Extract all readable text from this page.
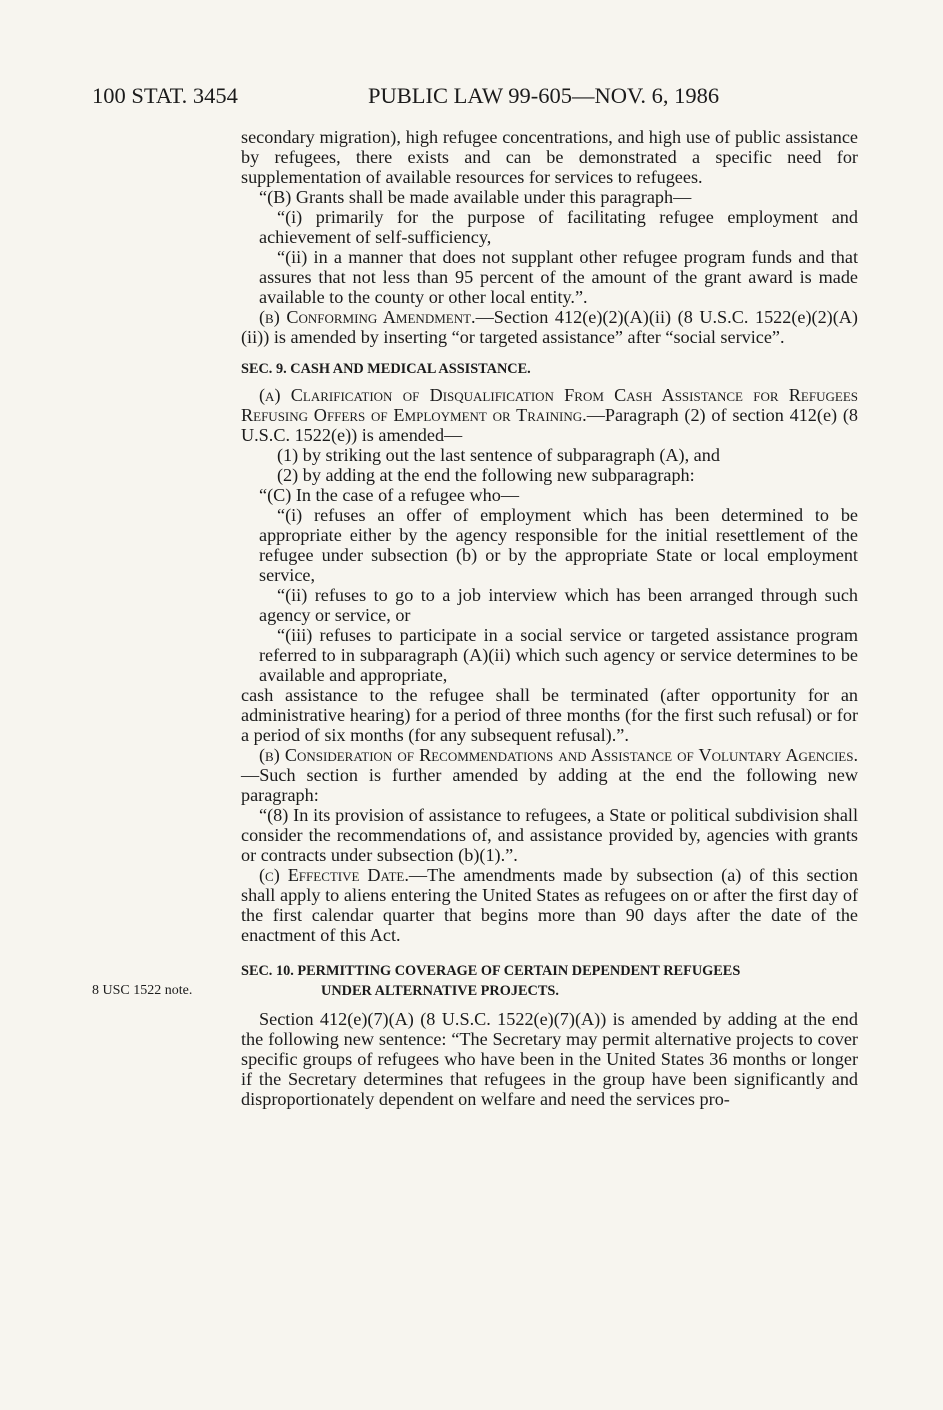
100 STAT. 3454	PUBLIC LAW 99-605—NOV. 6, 1986
8 USC 1522 note.

secondary migration), high refugee concentrations, and high use of public assistance by refugees, there exists and can be demonstrated a specific need for supplementation of available resources for services to refugees.

“(B) Grants shall be made available under this paragraph—

“(i) primarily for the purpose of facilitating refugee employment and achievement of self-sufficiency,

“(ii) in a manner that does not supplant other refugee program funds and that assures that not less than 95 percent of the amount of the grant award is made available to the county or other local entity.”.

(b) Conforming Amendment.—Section 412(e)(2)(A)(ii) (8 U.S.C. 1522(e)(2)(A)(ii)) is amended by inserting “or targeted assistance” after “social service”.

SEC. 9. CASH AND MEDICAL ASSISTANCE.

(a) Clarification of Disqualification From Cash Assistance for Refugees Refusing Offers of Employment or Training.—Paragraph (2) of section 412(e) (8 U.S.C. 1522(e)) is amended—

(1) by striking out the last sentence of subparagraph (A), and

(2) by adding at the end the following new subparagraph:

“(C) In the case of a refugee who—

“(i) refuses an offer of employment which has been determined to be appropriate either by the agency responsible for the initial resettlement of the refugee under subsection (b) or by the appropriate State or local employment service,

“(ii) refuses to go to a job interview which has been arranged through such agency or service, or

“(iii) refuses to participate in a social service or targeted assistance program referred to in subparagraph (A)(ii) which such agency or service determines to be available and appropriate,

cash assistance to the refugee shall be terminated (after opportunity for an administrative hearing) for a period of three months (for the first such refusal) or for a period of six months (for any subsequent refusal).”.

(b) Consideration of Recommendations and Assistance of Voluntary Agencies.—Such section is further amended by adding at the end the following new paragraph:

“(8) In its provision of assistance to refugees, a State or political subdivision shall consider the recommendations of, and assistance provided by, agencies with grants or contracts under subsection (b)(1).”.

(c) Effective Date.—The amendments made by subsection (a) of this section shall apply to aliens entering the United States as refugees on or after the first day of the first calendar quarter that begins more than 90 days after the date of the enactment of this Act.

SEC. 10. PERMITTING COVERAGE OF CERTAIN DEPENDENT REFUGEES
UNDER ALTERNATIVE PROJECTS.

Section 412(e)(7)(A) (8 U.S.C. 1522(e)(7)(A)) is amended by adding at the end the following new sentence: “The Secretary may permit alternative projects to cover specific groups of refugees who have been in the United States 36 months or longer if the Secretary determines that refugees in the group have been significantly and disproportionately dependent on welfare and need the services pro-
